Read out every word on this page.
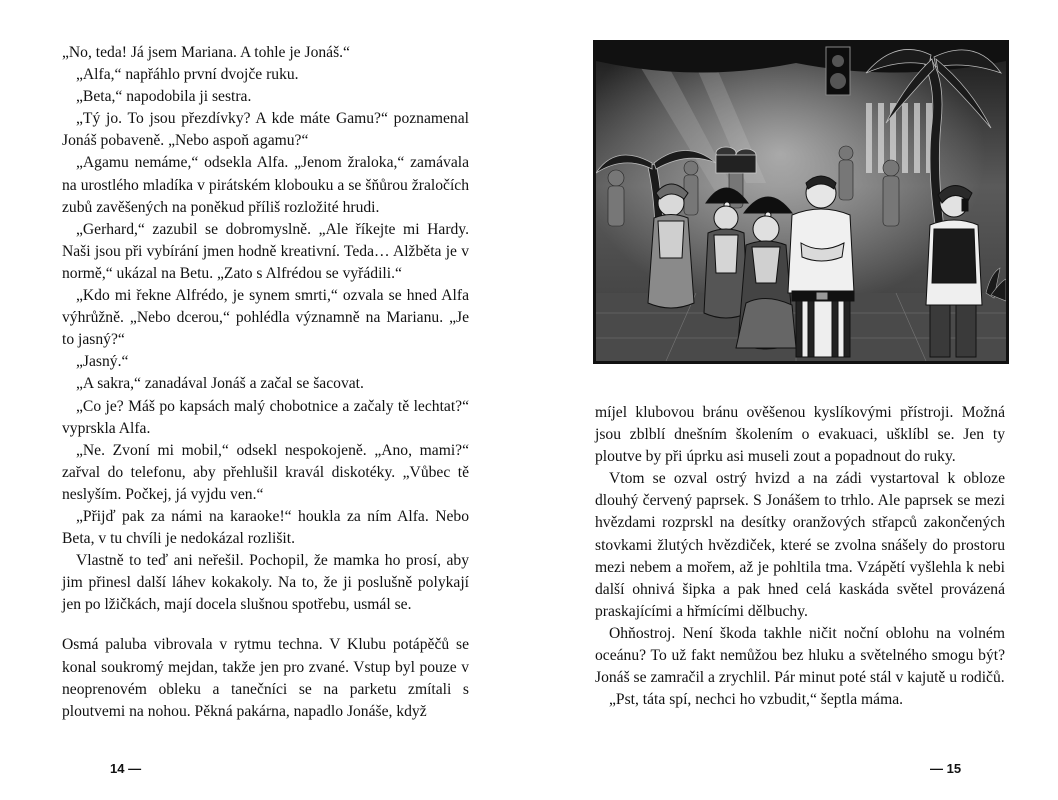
„No, teda! Já jsem Mariana. A tohle je Jonáš.“

„Alfa,“ napřáhlo první dvojče ruku.

„Beta,“ napodobila ji sestra.

„Tý jo. To jsou přezdívky? A kde máte Gamu?“ poznamenal Jonáš pobaveně. „Nebo aspoň agamu?“

„Agamu nemáme,“ odsekla Alfa. „Jenom žraloka,“ zamávala na urostlého mladíka v pirátském klobouku a se šňůrou žraločích zubů zavěšených na poněkud příliš rozložité hrudi.

„Gerhard,“ zazubil se dobromyslně. „Ale říkejte mi Hardy. Naši jsou při vybírání jmen hodně kreativní. Teda… Alžběta je v normě,“ ukázal na Betu. „Zato s Alfrédou se vyřádili.“

„Kdo mi řekne Alfrédo, je synem smrti,“ ozvala se hned Alfa výhrůžně. „Nebo dcerou,“ pohlédla významně na Marianu. „Je to jasný?“

„Jasný.“

„A sakra,“ zanadával Jonáš a začal se šacovat.

„Co je? Máš po kapsách malý chobotnice a začaly tě lechtat?“ vyprskla Alfa.

„Ne. Zvoní mi mobil,“ odsekl nespokojeně. „Ano, mami?“ zařval do telefonu, aby přehlušil kravál diskotéky. „Vůbec tě neslyším. Počkej, já vyjdu ven.“

„Přijď pak za námi na karaoke!“ houkla za ním Alfa. Nebo Beta, v tu chvíli je nedokázal rozlišit.

Vlastně to teď ani neřešil. Pochopil, že mamka ho prosí, aby jim přinesl další láhev kokakoly. Na to, že ji poslušně polykají jen po lžičkách, mají docela slušnou spotřebu, usmál se.

Osmá paluba vibrovala v rytmu techna. V Klubu potápěčů se konal soukromý mejdan, takže jen pro zvané. Vstup byl pouze v neoprenovém obleku a tanečníci se na parketu zmítali s ploutvemi na nohou. Pěkná pakárna, napadlo Jonáše, když

14 —

míjel klubovou bránu ověšenou kyslíkovými přístroji. Možná jsou zblblí dnešním školením o evakuaci, ušklíbl se. Jen ty ploutve by při úprku asi museli zout a popadnout do ruky.

Vtom se ozval ostrý hvizd a na zádi vystartoval k obloze dlouhý červený paprsek. S Jonášem to trhlo. Ale paprsek se mezi hvězdami rozprskl na desítky oranžových střapců zakončených stovkami žlutých hvězdiček, které se zvolna snášely do prostoru mezi nebem a mořem, až je pohltila tma. Vzápětí vyšlehla k nebi další ohnivá šipka a pak hned celá kaskáda světel provázená praskajícími a hřmícími dělbuchy.

Ohňostroj. Není škoda takhle ničit noční oblohu na volném oceánu? To už fakt nemůžou bez hluku a světelného smogu být? Jonáš se zamračil a zrychlil. Pár minut poté stál v kajutě u rodičů.

„Pst, táta spí, nechci ho vzbudit,“ šeptla máma.

— 15
